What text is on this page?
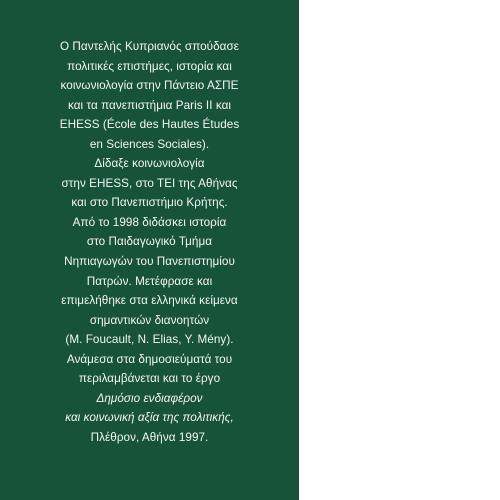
Ο Παντελής Κυπριανός σπούδασε
πολιτικές επιστήμες, ιστορία και
κοινωνιολογία στην Πάντειο ΑΣΠΕ
και τα πανεπιστήμια Paris II και
EHESS (École des Hautes Études
en Sciences Sociales).
Δίδαξε κοινωνιολογία
στην EHESS, στο ΤΕΙ της Αθήνας
και στο Πανεπιστήμιο Κρήτης.
Από το 1998 διδάσκει ιστορία
στο Παιδαγωγικό Τμήμα
Νηπιαγωγών του Πανεπιστημίου
Πατρών. Μετέφρασε και
επιμελήθηκε στα ελληνικά κείμενα
σημαντικών διανοητών
(M. Foucault, N. Elias, Y. Mény).
Ανάμεσα στα δημοσιεύματά του
περιλαμβάνεται και το έργο
Δημόσιο ενδιαφέρον
και κοινωνική αξία της πολιτικής,
Πλέθρον, Αθήνα 1997.
